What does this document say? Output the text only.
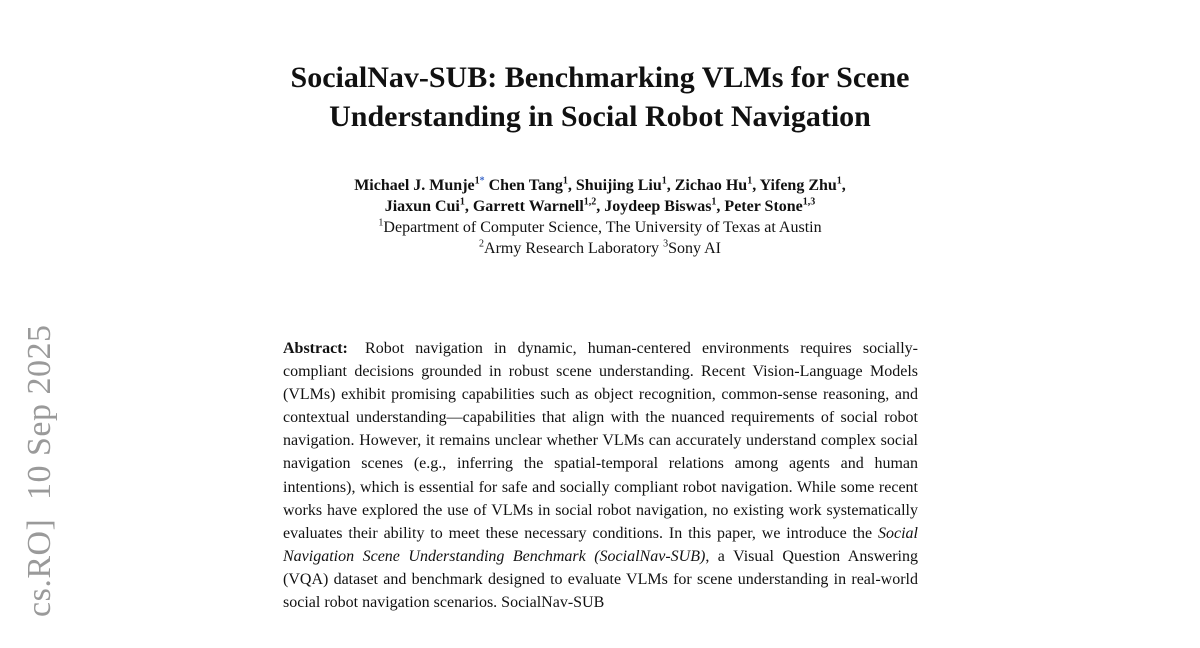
SocialNav-SUB: Benchmarking VLMs for Scene
Understanding in Social Robot Navigation
Michael J. Munje$^{1*}$ Chen Tang$^1$, Shuijing Liu$^1$, Zichao Hu$^1$, Yifeng Zhu$^1$,
Jiaxun Cui$^1$, Garrett Warnell$^{1,2}$, Joydeep Biswas$^1$, Peter Stone$^{1,3}$
$^1$Department of Computer Science, The University of Texas at Austin
$^2$Army Research Laboratory $^3$Sony AI
cs.RO]
10 Sep 2025	Abstract: Robot navigation in dynamic, human-centered environments requires socially-compliant decisions grounded in robust scene understanding. Recent Vision-Language Models (VLMs) exhibit promising capabilities such as object recognition, common-sense reasoning, and contextual understanding—capabilities that align with the nuanced requirements of social robot navigation. However, it remains unclear whether VLMs can accurately understand complex social navigation scenes (e.g., inferring the spatial-temporal relations among agents and human intentions), which is essential for safe and socially compliant robot navigation. While some recent works have explored the use of VLMs in social robot navigation, no existing work systematically evaluates their ability to meet these necessary conditions. In this paper, we introduce the Social Navigation Scene Understanding Benchmark (SocialNav-SUB), a Visual Question Answering (VQA) dataset and benchmark designed to evaluate VLMs for scene understanding in real-world social robot navigation scenarios. SocialNav-SUB
